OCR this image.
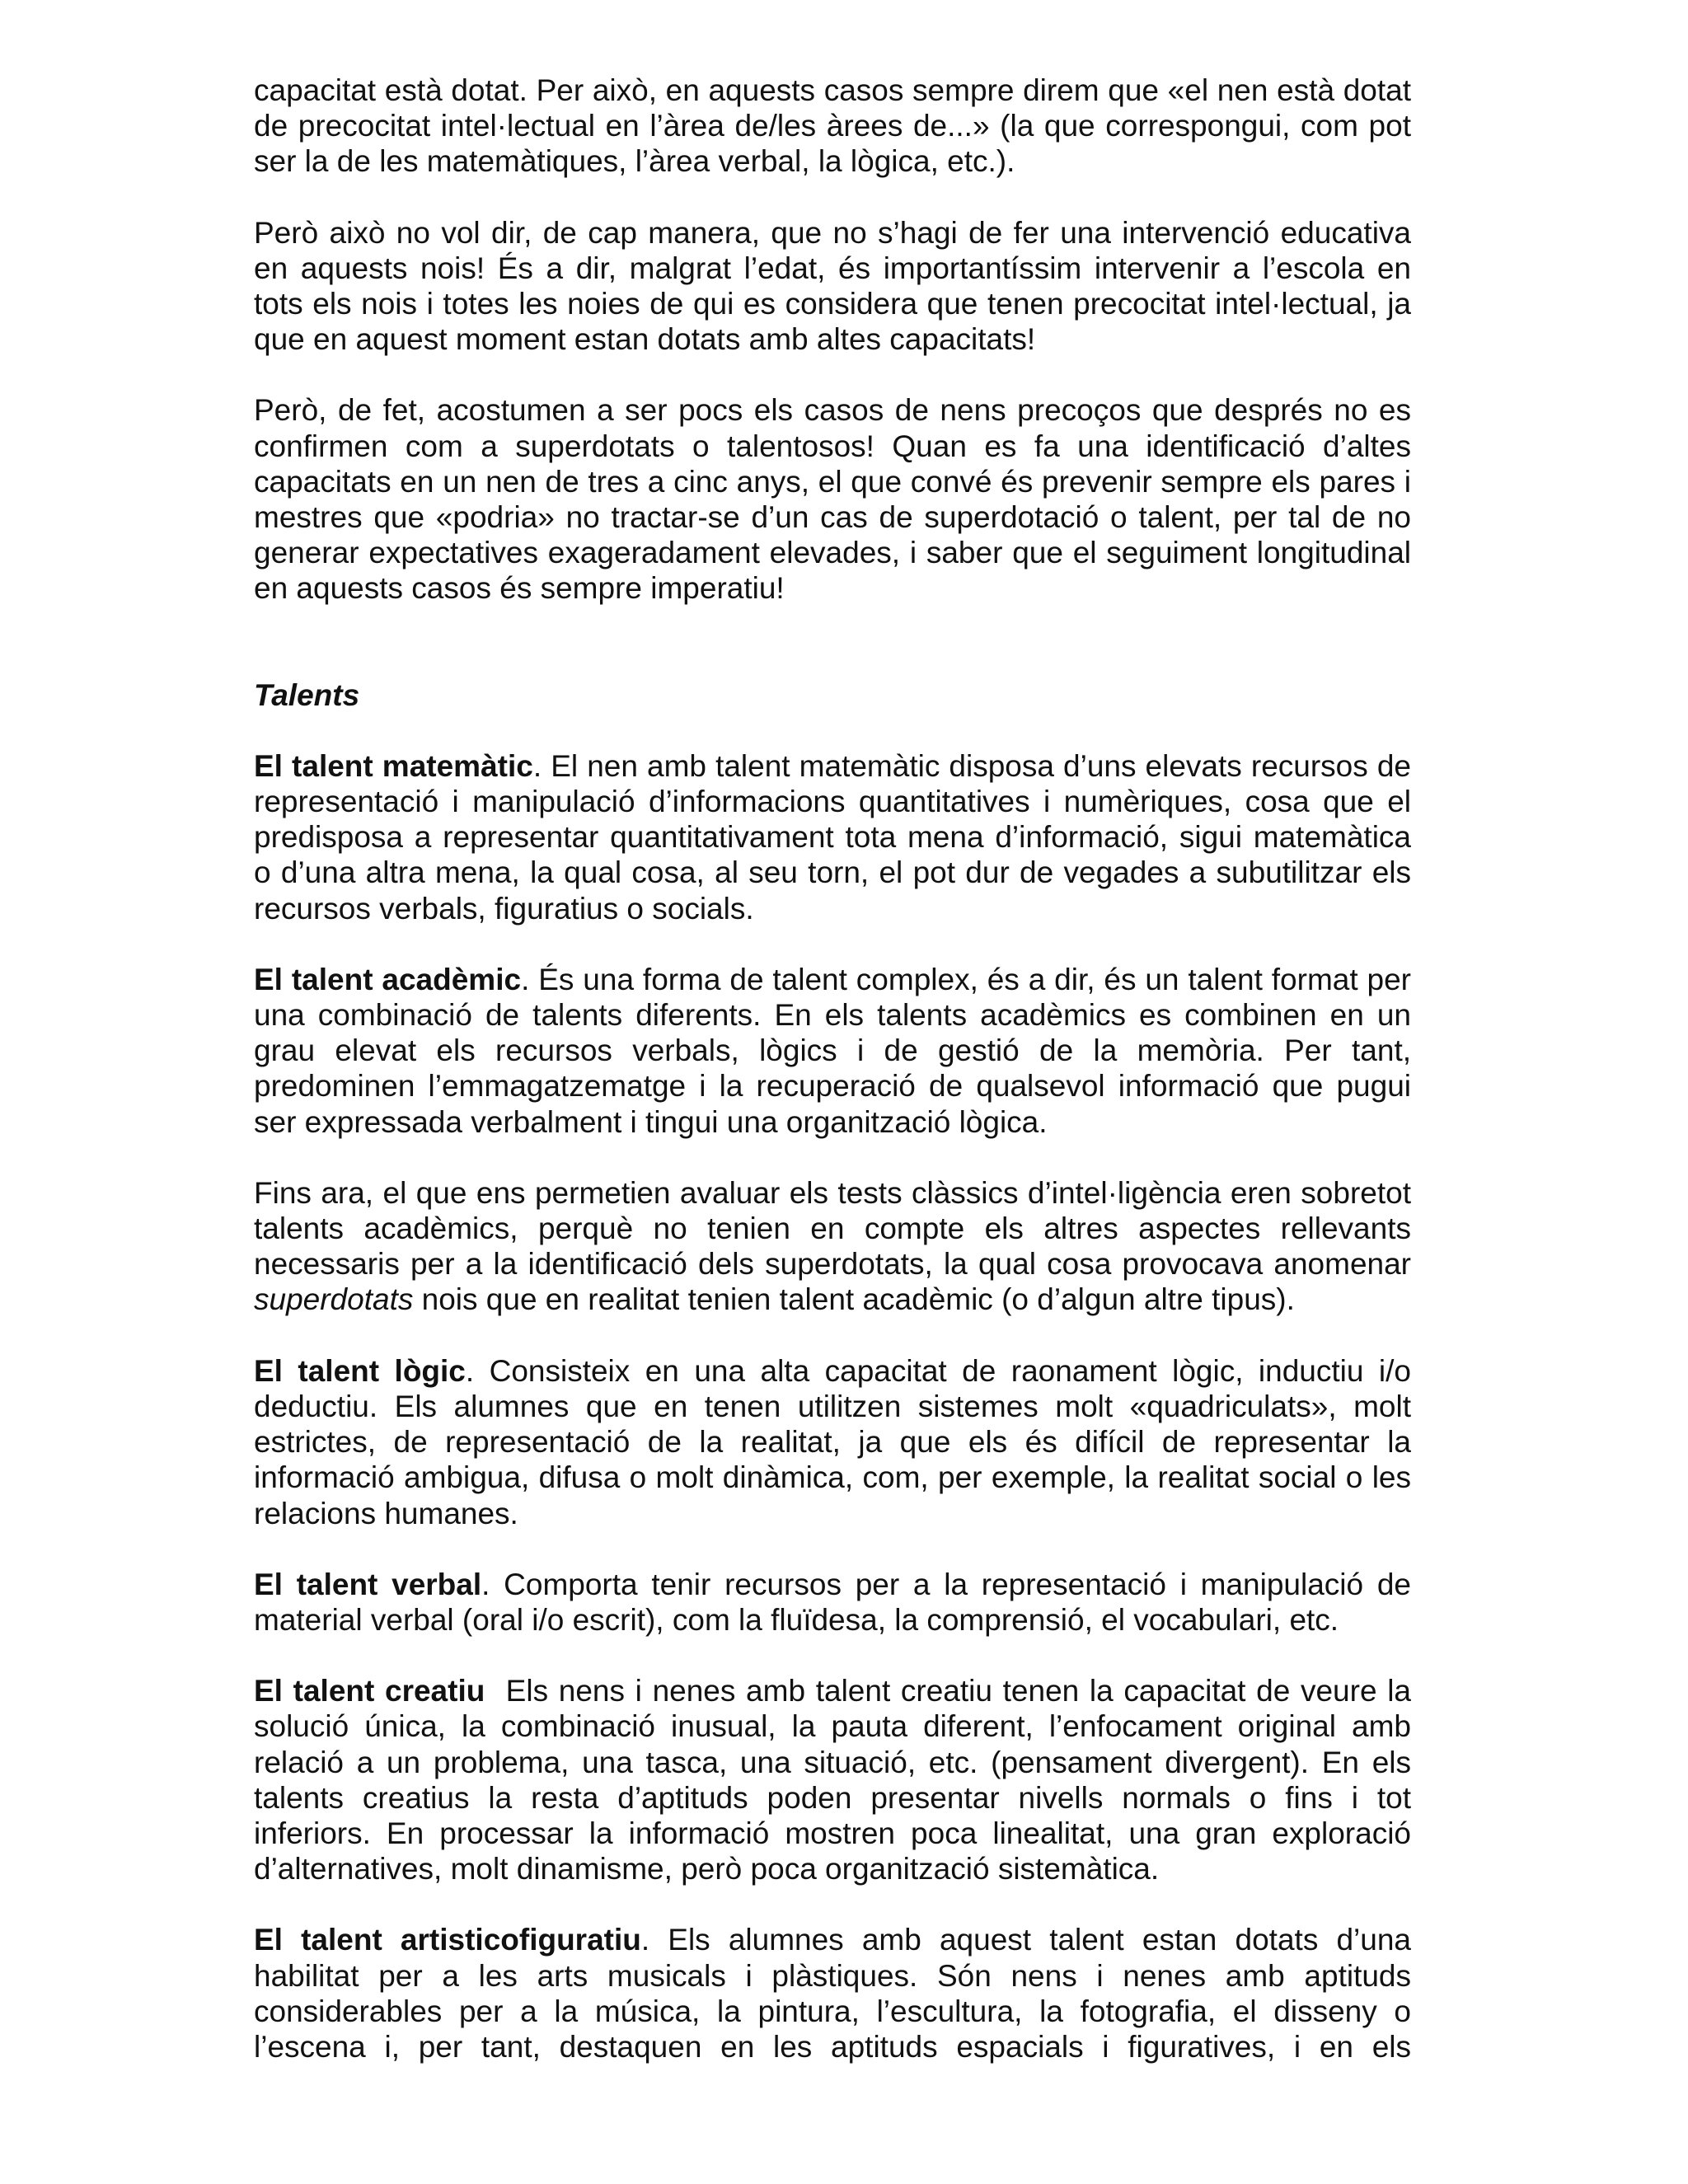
capacitat està dotat. Per això, en aquests casos sempre direm que «el nen està dotat de precocitat intel·lectual en l’àrea de/les àrees de...» (la que correspongui, com pot ser la de les matemàtiques, l’àrea verbal, la lògica, etc.).

Però això no vol dir, de cap manera, que no s’hagi de fer una intervenció educativa en aquests nois! És a dir, malgrat l’edat, és importantíssim intervenir a l’escola en tots els nois i totes les noies de qui es considera que tenen precocitat intel·lectual, ja que en aquest moment estan dotats amb altes capacitats!

Però, de fet, acostumen a ser pocs els casos de nens precoços que després no es confirmen com a superdotats o talentosos! Quan es fa una identificació d’altes capacitats en un nen de tres a cinc anys, el que convé és prevenir sempre els pares i mestres que «podria» no tractar-se d’un cas de superdotació o talent, per tal de no generar expectatives exageradament elevades, i saber que el seguiment longitudinal en aquests casos és sempre imperatiu!

Talents

El talent matemàtic. El nen amb talent matemàtic disposa d’uns elevats recursos de representació i manipulació d’informacions quantitatives i numèriques, cosa que el predisposa a representar quantitativament tota mena d’informació, sigui matemàtica o d’una altra mena, la qual cosa, al seu torn, el pot dur de vegades a subutilitzar els recursos verbals, figuratius o socials.

El talent acadèmic. És una forma de talent complex, és a dir, és un talent format per una combinació de talents diferents. En els talents acadèmics es combinen en un grau elevat els recursos verbals, lògics i de gestió de la memòria. Per tant, predominen l’emmagatzematge i la recuperació de qualsevol informació que pugui ser expressada verbalment i tingui una organització lògica.

Fins ara, el que ens permetien avaluar els tests clàssics d’intel·ligència eren sobretot talents acadèmics, perquè no tenien en compte els altres aspectes rellevants necessaris per a la identificació dels superdotats, la qual cosa provocava anomenar superdotats nois que en realitat tenien talent acadèmic (o d’algun altre tipus).

El talent lògic. Consisteix en una alta capacitat de raonament lògic, inductiu i/o deductiu. Els alumnes que en tenen utilitzen sistemes molt «quadriculats», molt estrictes, de representació de la realitat, ja que els és difícil de representar la informació ambigua, difusa o molt dinàmica, com, per exemple, la realitat social o les relacions humanes.

El talent verbal. Comporta tenir recursos per a la representació i manipulació de material verbal (oral i/o escrit), com la fluïdesa, la comprensió, el vocabulari, etc.

El talent creatiu  Els nens i nenes amb talent creatiu tenen la capacitat de veure la solució única, la combinació inusual, la pauta diferent, l’enfocament original amb relació a un problema, una tasca, una situació, etc. (pensament divergent). En els talents creatius la resta d’aptituds poden presentar nivells normals o fins i tot inferiors. En processar la informació mostren poca linealitat, una gran exploració d’alternatives, molt dinamisme, però poca organització sistemàtica.

El talent artisticofiguratiu. Els alumnes amb aquest talent estan dotats d’una habilitat per a les arts musicals i plàstiques. Són nens i nenes amb aptituds considerables per a la música, la pintura, l’escultura, la fotografia, el disseny o l’escena i, per tant, destaquen en les aptituds espacials i figuratives, i en els
